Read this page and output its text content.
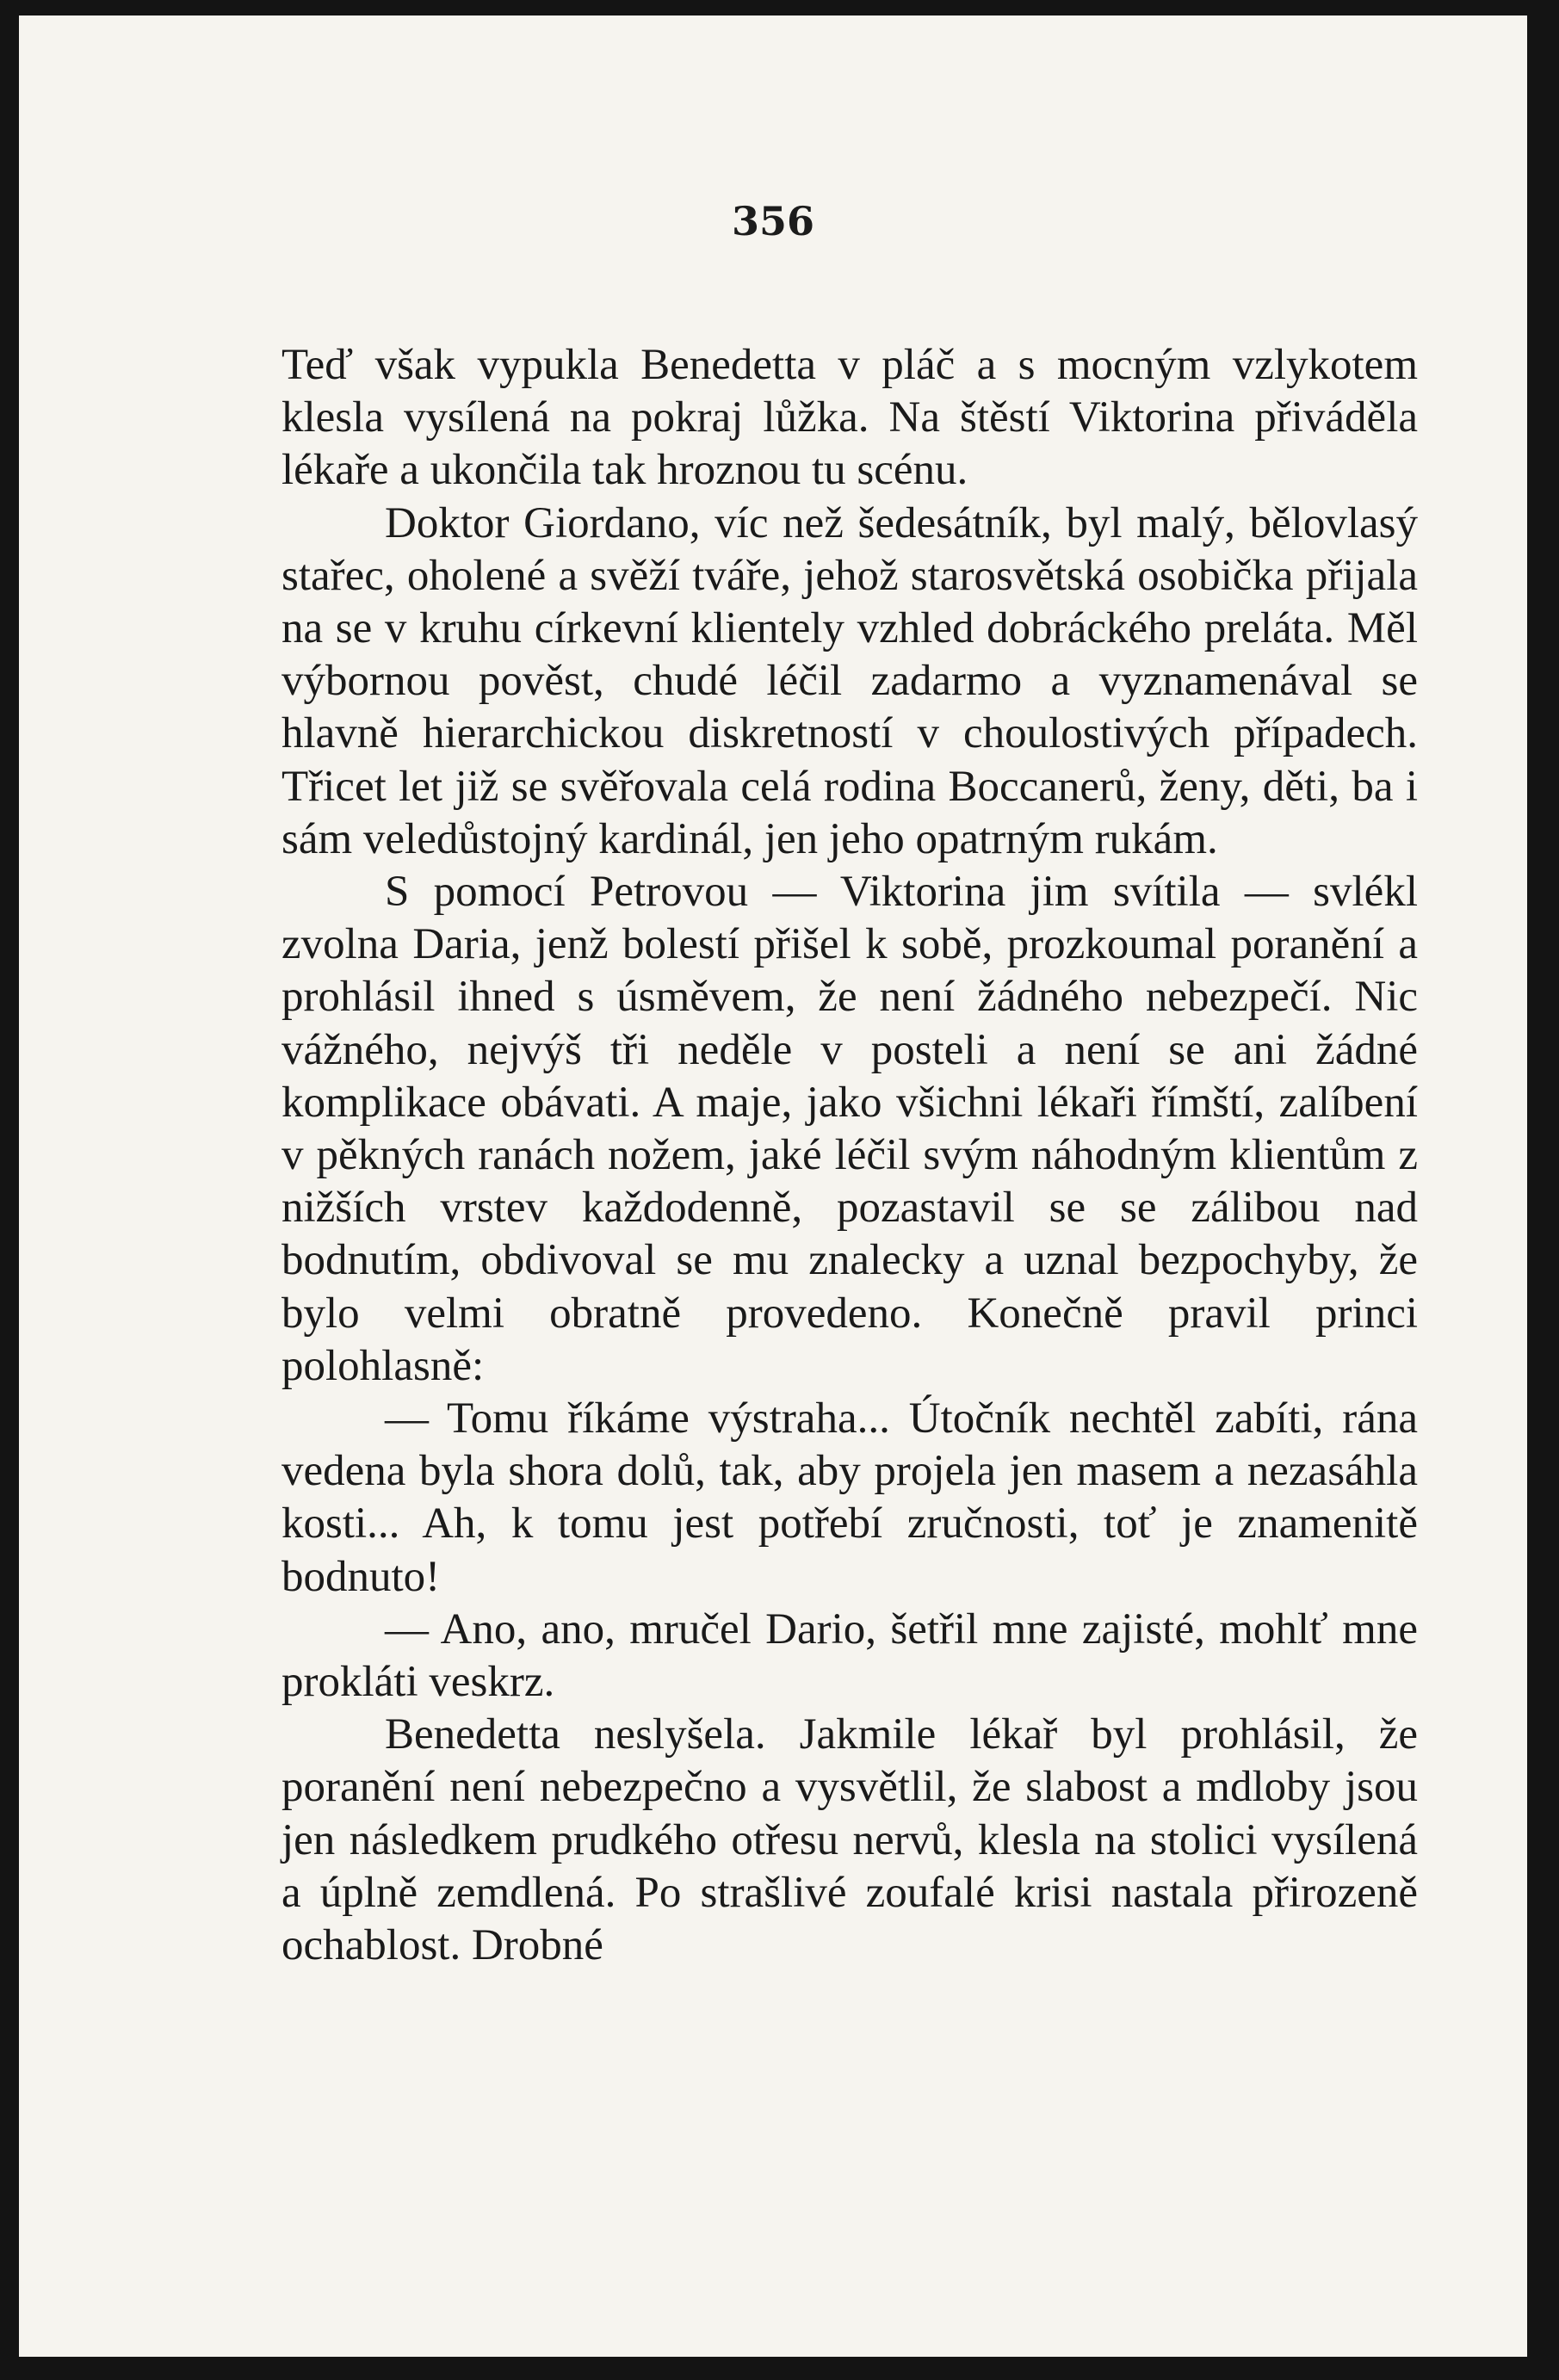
356

Teď však vypukla Benedetta v pláč a s mocným vzlykotem klesla vysílená na pokraj lůžka. Na štěstí Viktorina přiváděla lékaře a ukončila tak hroznou tu scénu.

Doktor Giordano, víc než šedesátník, byl malý, bělovlasý stařec, oholené a svěží tváře, jehož starosvětská osobička přijala na se v kruhu církevní klientely vzhled dobráckého preláta. Měl výbornou pověst, chudé léčil zadarmo a vyznamenával se hlavně hierarchickou diskretností v choulostivých případech. Třicet let již se svěřovala celá rodina Boccanerů, ženy, děti, ba i sám veledůstojný kardinál, jen jeho opatrným rukám.

S pomocí Petrovou — Viktorina jim svítila — svlékl zvolna Daria, jenž bolestí přišel k sobě, prozkoumal poranění a prohlásil ihned s úsměvem, že není žádného nebezpečí. Nic vážného, nejvýš tři neděle v posteli a není se ani žádné komplikace obávati. A maje, jako všichni lékaři římští, zalíbení v pěkných ranách nožem, jaké léčil svým náhodným klientům z nižších vrstev každodenně, pozastavil se se zálibou nad bodnutím, obdivoval se mu znalecky a uznal bezpochyby, že bylo velmi obratně provedeno. Konečně pravil princi polohlasně:

— Tomu říkáme výstraha... Útočník nechtěl zabíti, rána vedena byla shora dolů, tak, aby projela jen masem a nezasáhla kosti... Ah, k tomu jest potřebí zručnosti, toť je znamenitě bodnuto!

— Ano, ano, mručel Dario, šetřil mne zajisté, mohlť mne prokláti veskrz.

Benedetta neslyšela. Jakmile lékař byl prohlásil, že poranění není nebezpečno a vysvětlil, že slabost a mdloby jsou jen následkem prudkého otřesu nervů, klesla na stolici vysílená a úplně zemdlená. Po strašlivé zoufalé krisi nastala přirozeně ochablost. Drobné
